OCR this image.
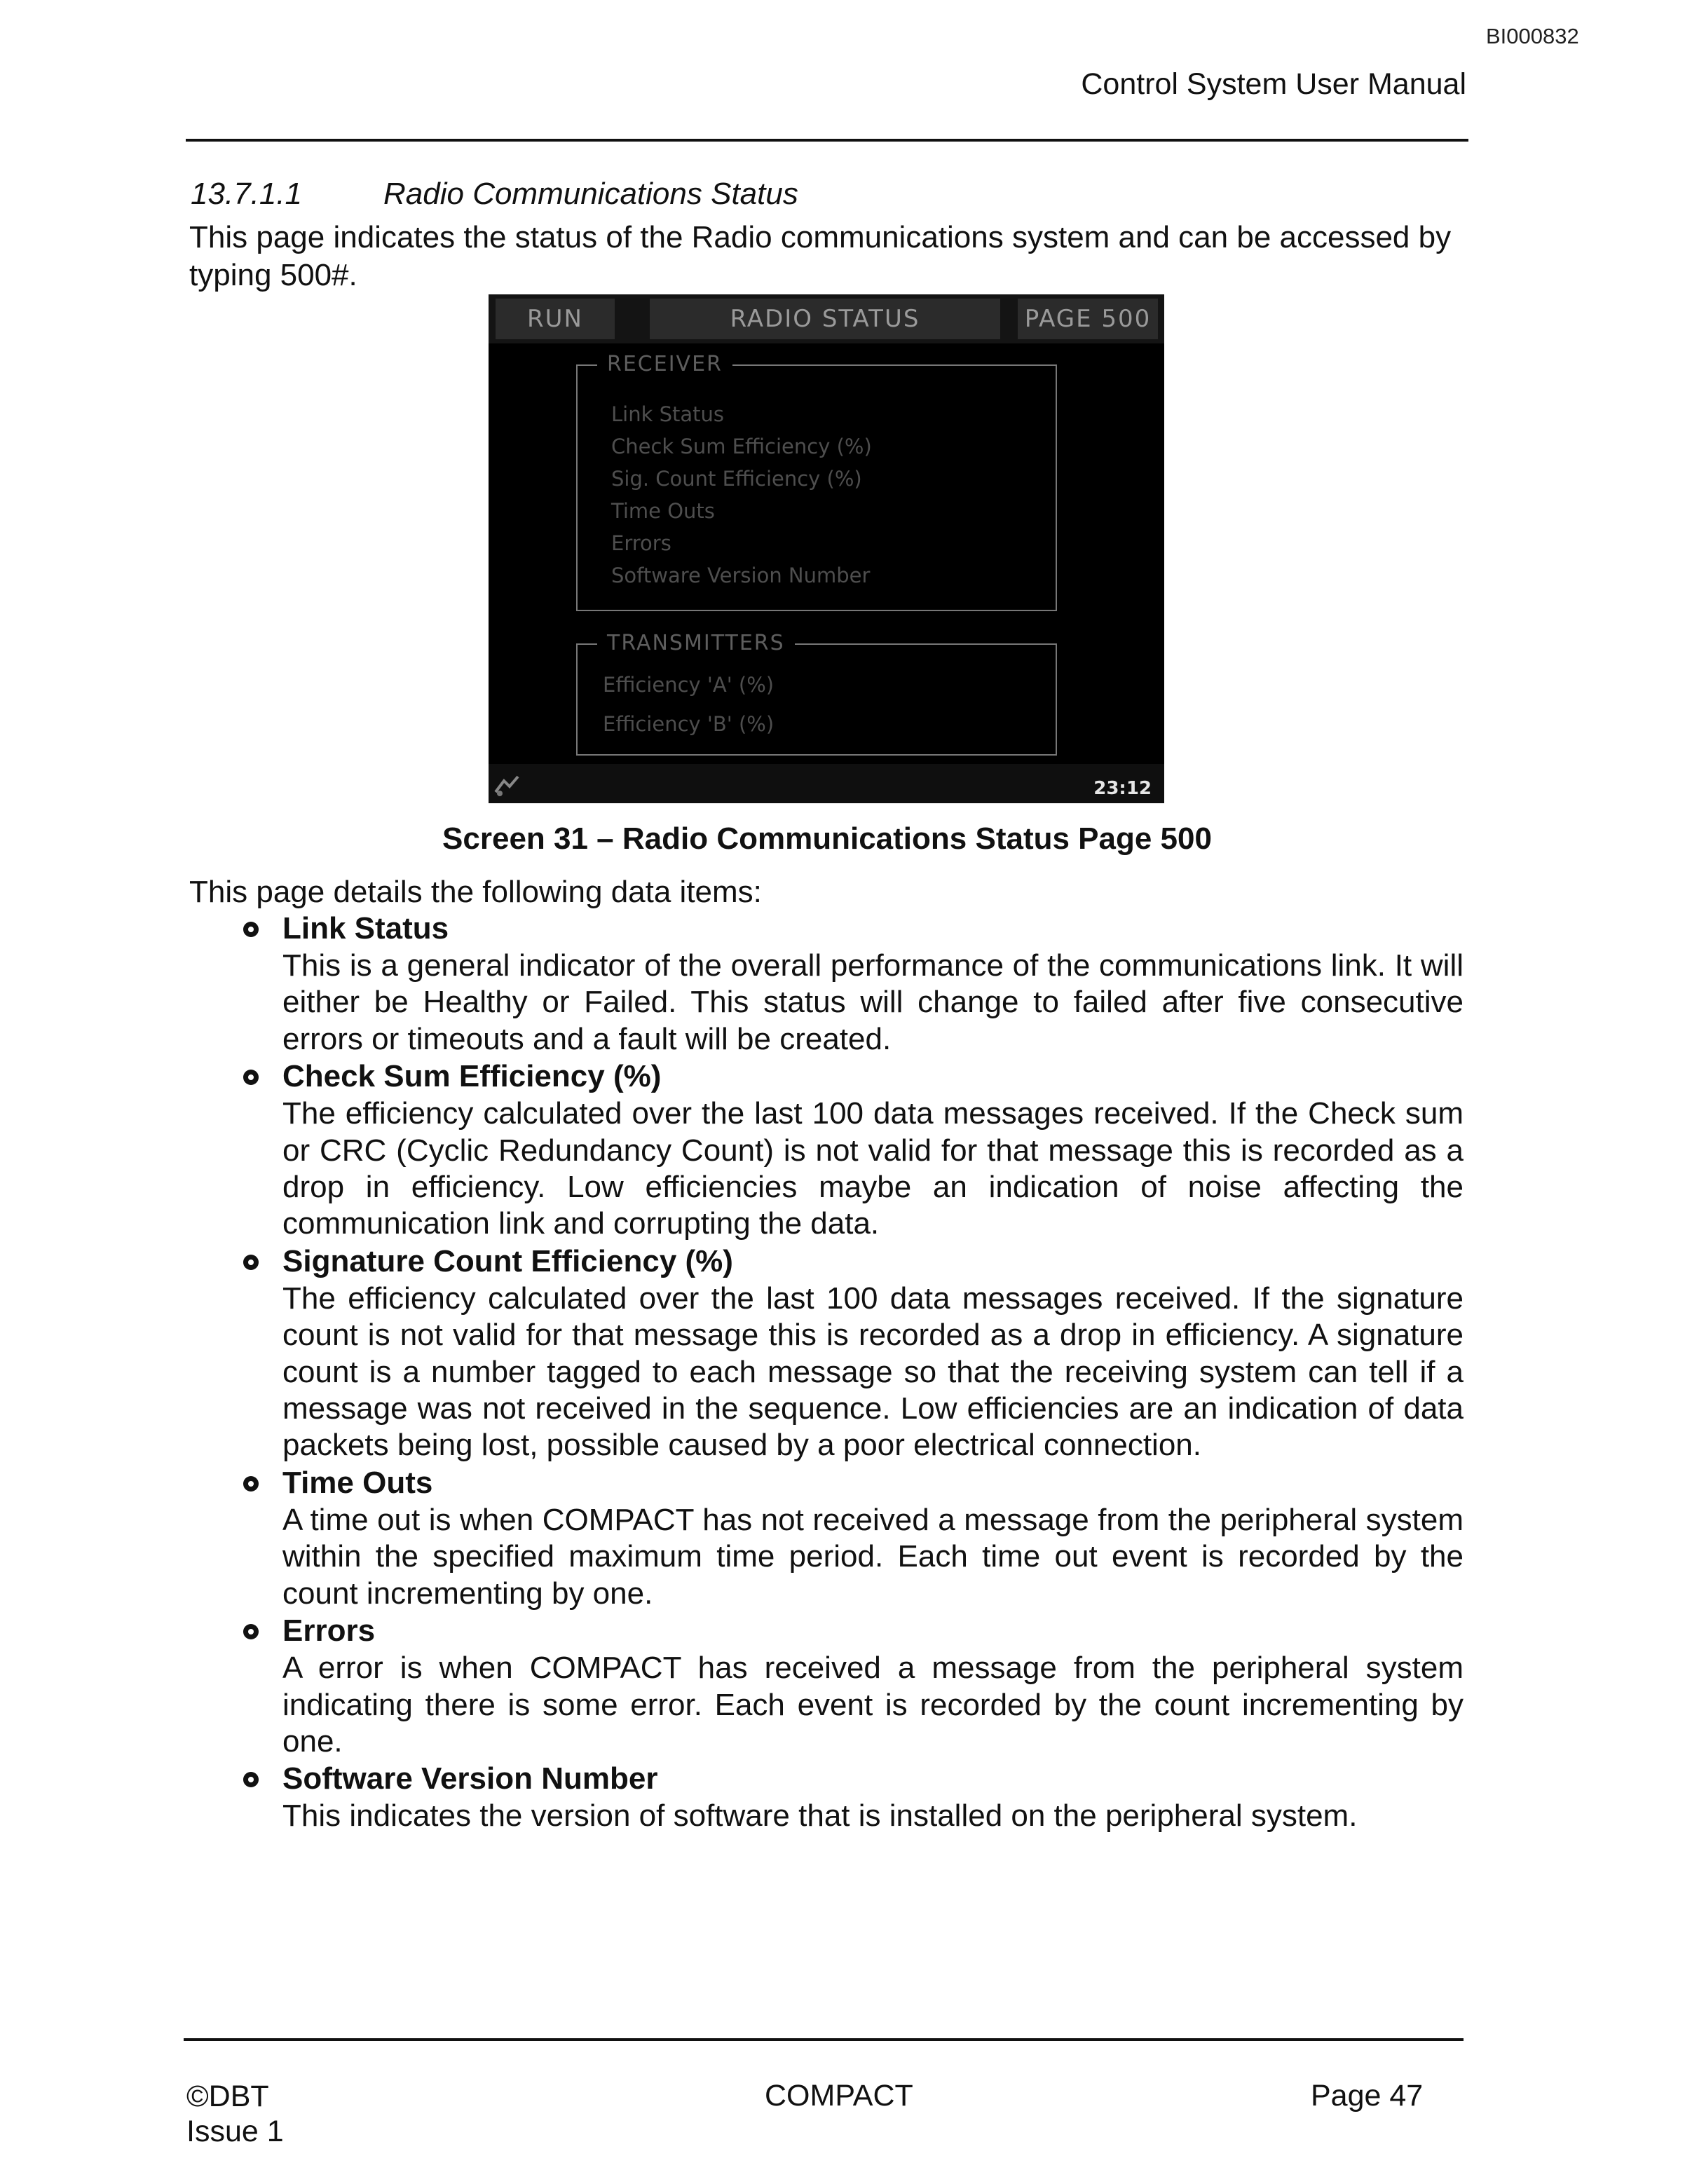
BI000832
Control System User Manual
13.7.1.1	Radio Communications Status
This page indicates the status of the Radio communications system and can be accessed by typing 500#.
RUN	RADIO STATUS	PAGE 500
RECEIVER
Link Status
Check Sum Efficiency (%)
Sig. Count Efficiency (%)
Time Outs
Errors
Software Version Number
TRANSMITTERS
Efficiency 'A' (%)
Efficiency 'B' (%)
23:12
Screen 31 – Radio Communications Status Page 500
This page details the following data items:
Link Status
This is a general indicator of the overall performance of the communications link. It will either be Healthy or Failed. This status will change to failed after five consecutive errors or timeouts and a fault will be created.
Check Sum Efficiency (%)
The efficiency calculated over the last 100 data messages received. If the Check sum or CRC (Cyclic Redundancy Count) is not valid for that message this is recorded as a drop in efficiency. Low efficiencies maybe an indication of noise affecting the communication link and corrupting the data.
Signature Count Efficiency (%)
The efficiency calculated over the last 100 data messages received. If the signature count is not valid for that message this is recorded as a drop in efficiency. A signature count is a number tagged to each message so that the receiving system can tell if a message was not received in the sequence. Low efficiencies are an indication of data packets being lost, possible caused by a poor electrical connection.
Time Outs
A time out is when COMPACT has not received a message from the peripheral system within the specified maximum time period. Each time out event is recorded by the count incrementing by one.
Errors
A error is when COMPACT has received a message from the peripheral system indicating there is some error. Each event is recorded by the count incrementing by one.
Software Version Number
This indicates the version of software that is installed on the peripheral system.
©DBT
Issue 1
COMPACT	Page 47
